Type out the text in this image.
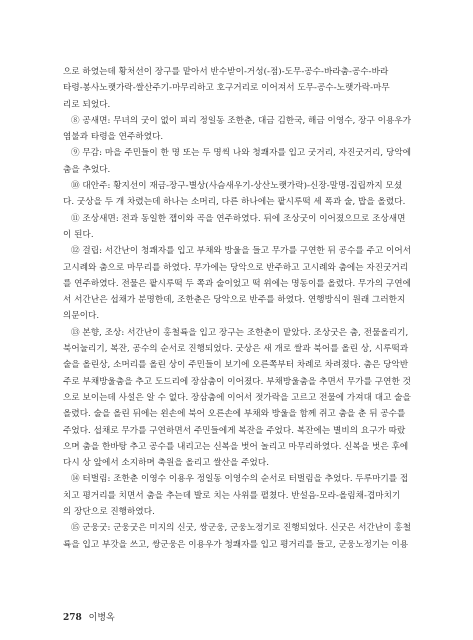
으로 하였는데 황처선이 장구를 맡아서 반수받이-거성(-점)-도무-공수-바라춤-공수-바라
타령-봉사노랫가락-쌀산주기-마무리하고 호구거리로 이어져서 도무-공수-노랫가락-마무
리로 되었다.
⑧ 공새면: 무녀의 굿이 없이 피리 정일동 조한춘, 대금 김한국, 해금 이영수, 장구 이용우가
염불과 타령을 연주하였다.
⑨ 무감: 마을 주민들이 한 명 또는 두 명씩 나와 청쾌자를 입고 굿거리, 자진굿거리, 당악에
춤을 추었다.
⑩ 대안주: 황지선이 재금-장구-별상(사슴새우기-상산노랫가락)-신장-말명-집립까지 모셨
다. 굿상을 두 개 차렸는데 하나는 소머리, 다른 하나에는 팥시루떡 세 폭과 술, 밥을 올렸다.
⑪ 조상새면: 전과 동일한 잽이와 곡을 연주하였다. 뒤에 조상굿이 이어졌으므로 조상새면
이 된다.
⑫ 걸립: 서간난이 청쾌자를 입고 부채와 방울을 들고 무가를 구연한 뒤 공수를 주고 이어서
고시례와 춤으로 마무리를 하였다. 무가에는 당악으로 반주하고 고시례와 춤에는 자진굿거리
를 연주하였다. 전물은 팥시루떡 두 쪽과 술이었고 떡 위에는 명동이를 올렸다. 무가의 구연에
서 서간난은 섭채가 분명한데, 조한춘은 당악으로 반주를 하였다. 연행방식이 원래 그러한지
의문이다.
⑬ 본향, 조상: 서간난이 홍철륙을 입고 장구는 조한춘이 맡았다. 조상굿은 춤, 전물올리기,
북어눌리기, 복잔, 공수의 순서로 진행되었다. 굿상은 새 개로 쌀과 북어를 올린 상, 시루떡과
술을 올린상, 소머리를 올린 상이 주민들이 보기에 오른쪽부터 차례로 차려졌다. 춤은 당악반
주로 부채방울춤을 추고 도드리에 장삼춤이 이어졌다. 부채방울춤을 추면서 무가를 구연한 것
으로 보이는데 사설은 알 수 없다. 장삼춤에 이어서 젓가락을 고르고 전물에 가져대 대고 술을
올렸다. 술을 올린 뒤에는 왼손에 북어 오른손에 부채와 방울을 함께 쥐고 춤을 춘 뒤 공수를
주었다. 섭채로 무가를 구연하면서 주민들에게 복잔을 주었다. 복잔에는 별비의 요구가 따랐
으며 춤을 한바탕 추고 공수를 내리고는 신복을 벗어 놀리고 마무리하였다. 신복을 벗은 후에
다시 상 앞에서 소지하며 축원을 올리고 쌀산을 주었다.
⑭ 터벌림: 조한춘 이영수 이용우 정일동 이영수의 순서로 터벌림을 추었다. 두루마기를 접
치고 평거리를 치면서 춤을 추는데 발로 치는 사위를 펼쳤다. 반설음-모라-올림채-겹마치기
의 장단으로 진행하였다.
⑮ 군웅굿: 군웅굿은 미지의 신굿, 쌍군웅, 군웅노정기로 진행되었다. 신굿은 서간난이 홍철
륙을 입고 부갓을 쓰고, 쌍군웅은 이용우가 청쾌자를 입고 평거리를 들고, 군웅노정기는 이용
278 이병옥
